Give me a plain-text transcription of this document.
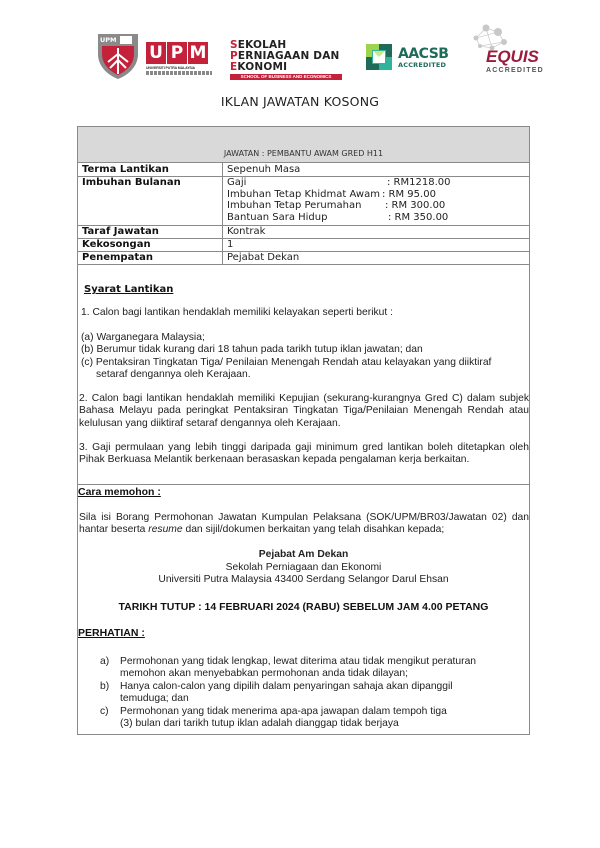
UPM
U P M
UNIVERSITI PUTRA MALAYSIA
SEKOLAH
PERNIAGAAN DAN
EKONOMI
SCHOOL OF BUSINESS AND ECONOMICS
AACSB
ACCREDITED EQUIS
ACCREDITED
IKLAN JAWATAN KOSONG
JAWATAN : PEMBANTU AWAM GRED H11
Terma Lantikan	Sepenuh Masa
Imbuhan Bulanan	Gaji	: RM1218.00
Imbuhan Tetap Khidmat Awam : RM 95.00
Imbuhan Tetap Perumahan : RM 300.00
Bantuan Sara Hidup	: RM 350.00
Taraf Jawatan	Kontrak
Kekosongan	1
Penempatan	Pejabat Dekan
Syarat Lantikan
1. Calon bagi lantikan hendaklah memiliki kelayakan seperti berikut :
(a) Warganegara Malaysia;
(b) Berumur tidak kurang dari 18 tahun pada tarikh tutup iklan jawatan; dan
(c) Pentaksiran Tingkatan Tiga/ Penilaian Menengah Rendah atau kelayakan yang diiktiraf
setaraf dengannya oleh Kerajaan.
2. Calon bagi lantikan hendaklah memiliki Kepujian (sekurang-kurangnya Gred C) dalam subjek Bahasa Melayu pada peringkat Pentaksiran Tingkatan Tiga/Penilaian Menengah Rendah atau kelulusan yang diiktiraf setaraf dengannya oleh Kerajaan.
3. Gaji permulaan yang lebih tinggi daripada gaji minimum gred lantikan boleh ditetapkan oleh Pihak Berkuasa Melantik berkenaan berasaskan kepada pengalaman kerja berkaitan.
Cara memohon :
Sila isi Borang Permohonan Jawatan Kumpulan Pelaksana (SOK/UPM/BR03/Jawatan 02) dan hantar beserta resume dan sijil/dokumen berkaitan yang telah disahkan kepada;
Pejabat Am Dekan
Sekolah Perniagaan dan Ekonomi
Universiti Putra Malaysia 43400 Serdang Selangor Darul Ehsan
TARIKH TUTUP : 14 FEBRUARI 2024 (RABU) SEBELUM JAM 4.00 PETANG
PERHATIAN :
a) Permohonan yang tidak lengkap, lewat diterima atau tidak mengikut peraturan
memohon akan menyebabkan permohonan anda tidak dilayan;
b) Hanya calon-calon yang dipilih dalam penyaringan sahaja akan dipanggil
temuduga; dan
c) Permohonan yang tidak menerima apa-apa jawapan dalam tempoh tiga
(3) bulan dari tarikh tutup iklan adalah dianggap tidak berjaya
